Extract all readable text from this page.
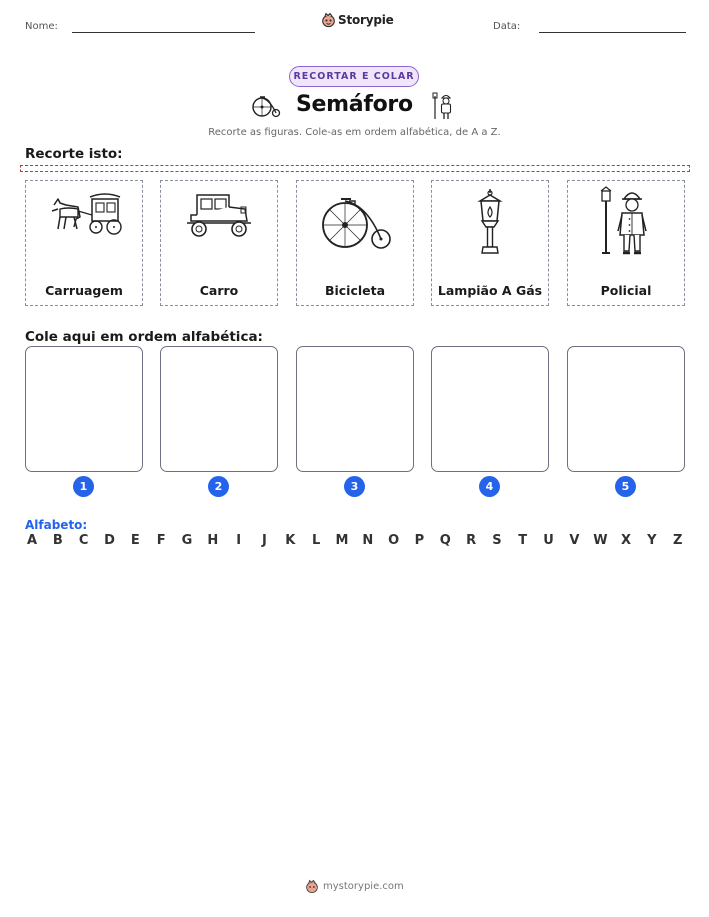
Nome:	Storypie	Data:
RECORTAR E COLAR
Semáforo
Recorte as figuras. Cole-as em ordem alfabética, de A a Z.
Recorte isto:
Carruagem	Carro	Bicicleta	Lampião A Gás	Policial
Cole aqui em ordem alfabética:
1	2	3	4	5
Alfabeto:
A B C D E F G H	I	J	K L M N O P Q R S T U V W X Y Z
mystorypie.com
